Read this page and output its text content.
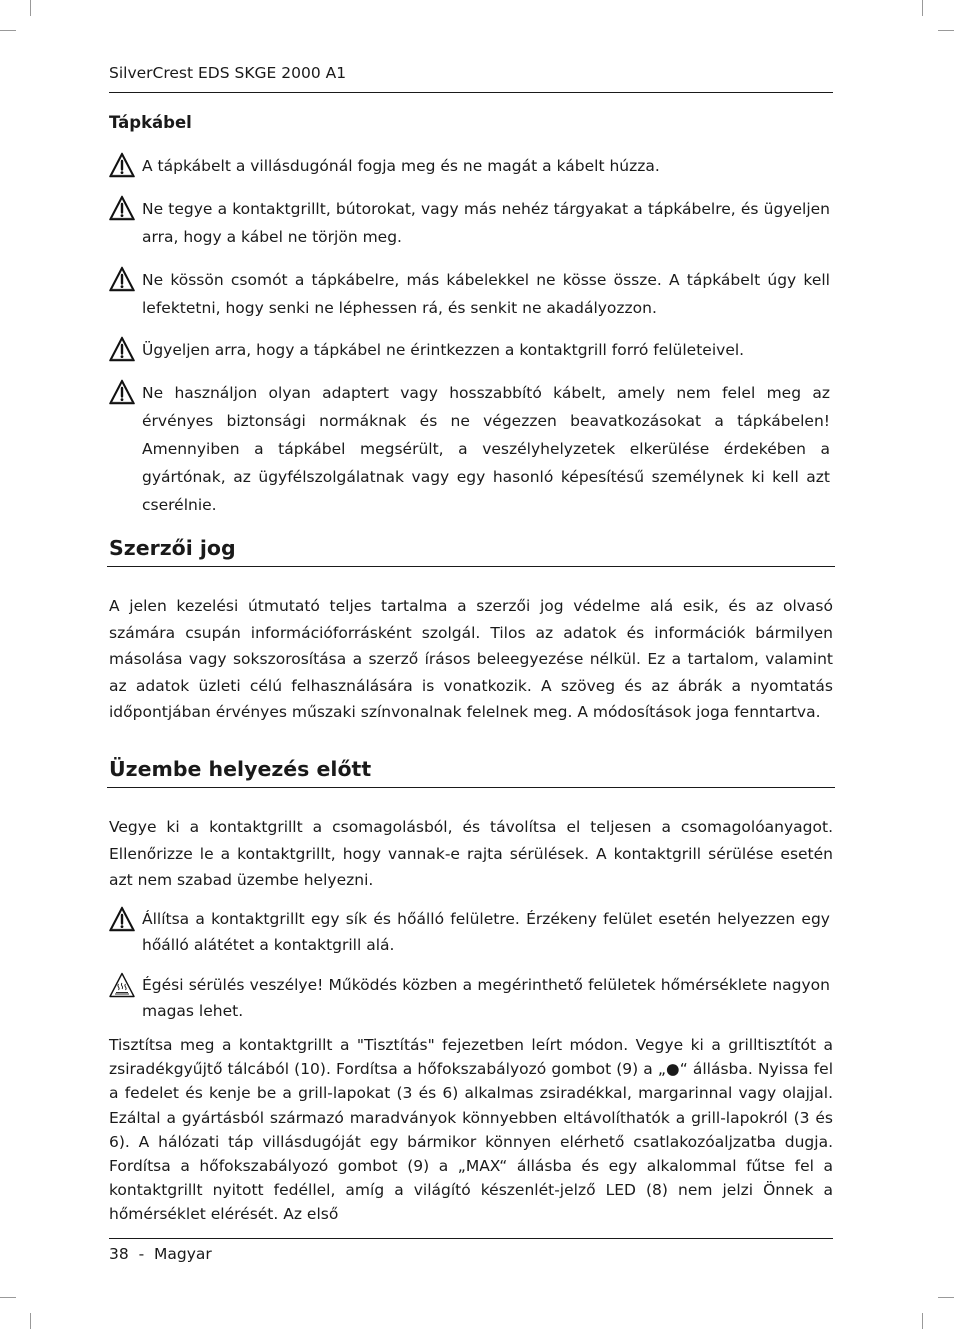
SilverCrest EDS SKGE 2000 A1
Tápkábel
A tápkábelt a villásdugónál fogja meg és ne magát a kábelt húzza.
Ne tegye a kontaktgrillt, bútorokat, vagy más nehéz tárgyakat a tápkábelre, és ügyeljen arra, hogy a kábel ne törjön meg.
Ne kössön csomót a tápkábelre, más kábelekkel ne kösse össze. A tápkábelt úgy kell lefektetni, hogy senki ne léphessen rá, és senkit ne akadályozzon.
Ügyeljen arra, hogy a tápkábel ne érintkezzen a kontaktgrill forró felületeivel.
Ne használjon olyan adaptert vagy hosszabbító kábelt, amely nem felel meg az érvényes biztonsági normáknak és ne végezzen beavatkozásokat a tápkábelen! Amennyiben a tápkábel megsérült, a veszélyhelyzetek elkerülése érdekében a gyártónak, az ügyfélszolgálatnak vagy egy hasonló képesítésű személynek ki kell azt cserélnie.
Szerzői jog

A jelen kezelési útmutató teljes tartalma a szerzői jog védelme alá esik, és az olvasó számára csupán információforrásként szolgál. Tilos az adatok és információk bármilyen másolása vagy sokszorosítása a szerző írásos beleegyezése nélkül. Ez a tartalom, valamint az adatok üzleti célú felhasználására is vonatkozik. A szöveg és az ábrák a nyomtatás időpontjában érvényes műszaki színvonalnak felelnek meg. A módosítások joga fenntartva.

Üzembe helyezés előtt

Vegye ki a kontaktgrillt a csomagolásból, és távolítsa el teljesen a csomagolóanyagot. Ellenőrizze le a kontaktgrillt, hogy vannak-e rajta sérülések. A kontaktgrill sérülése esetén azt nem szabad üzembe helyezni.

Állítsa a kontaktgrillt egy sík és hőálló felületre. Érzékeny felület esetén helyezzen egy hőálló alátétet a kontaktgrill alá.
Égési sérülés veszélye! Működés közben a megérinthető felületek hőmérséklete nagyon magas lehet.

Tisztítsa meg a kontaktgrillt a "Tisztítás" fejezetben leírt módon. Vegye ki a grilltisztítót a zsiradékgyűjtő tálcából (10). Fordítsa a hőfokszabályozó gombot (9) a „●“ állásba. Nyissa fel a fedelet és kenje be a grill-lapokat (3 és 6) alkalmas zsiradékkal, margarinnal vagy olajjal. Ezáltal a gyártásból származó maradványok könnyebben eltávolíthatók a grill-lapokról (3 és 6). A hálózati táp villásdugóját egy bármikor könnyen elérhető csatlakozóaljzatba dugja. Fordítsa a hőfokszabályozó gombot (9) a „MAX“ állásba és egy alkalommal fűtse fel a kontaktgrillt nyitott fedéllel, amíg a világító készenlét-jelző LED (8) nem jelzi Önnek a hőmérséklet elérését. Az első

38  -  Magyar
